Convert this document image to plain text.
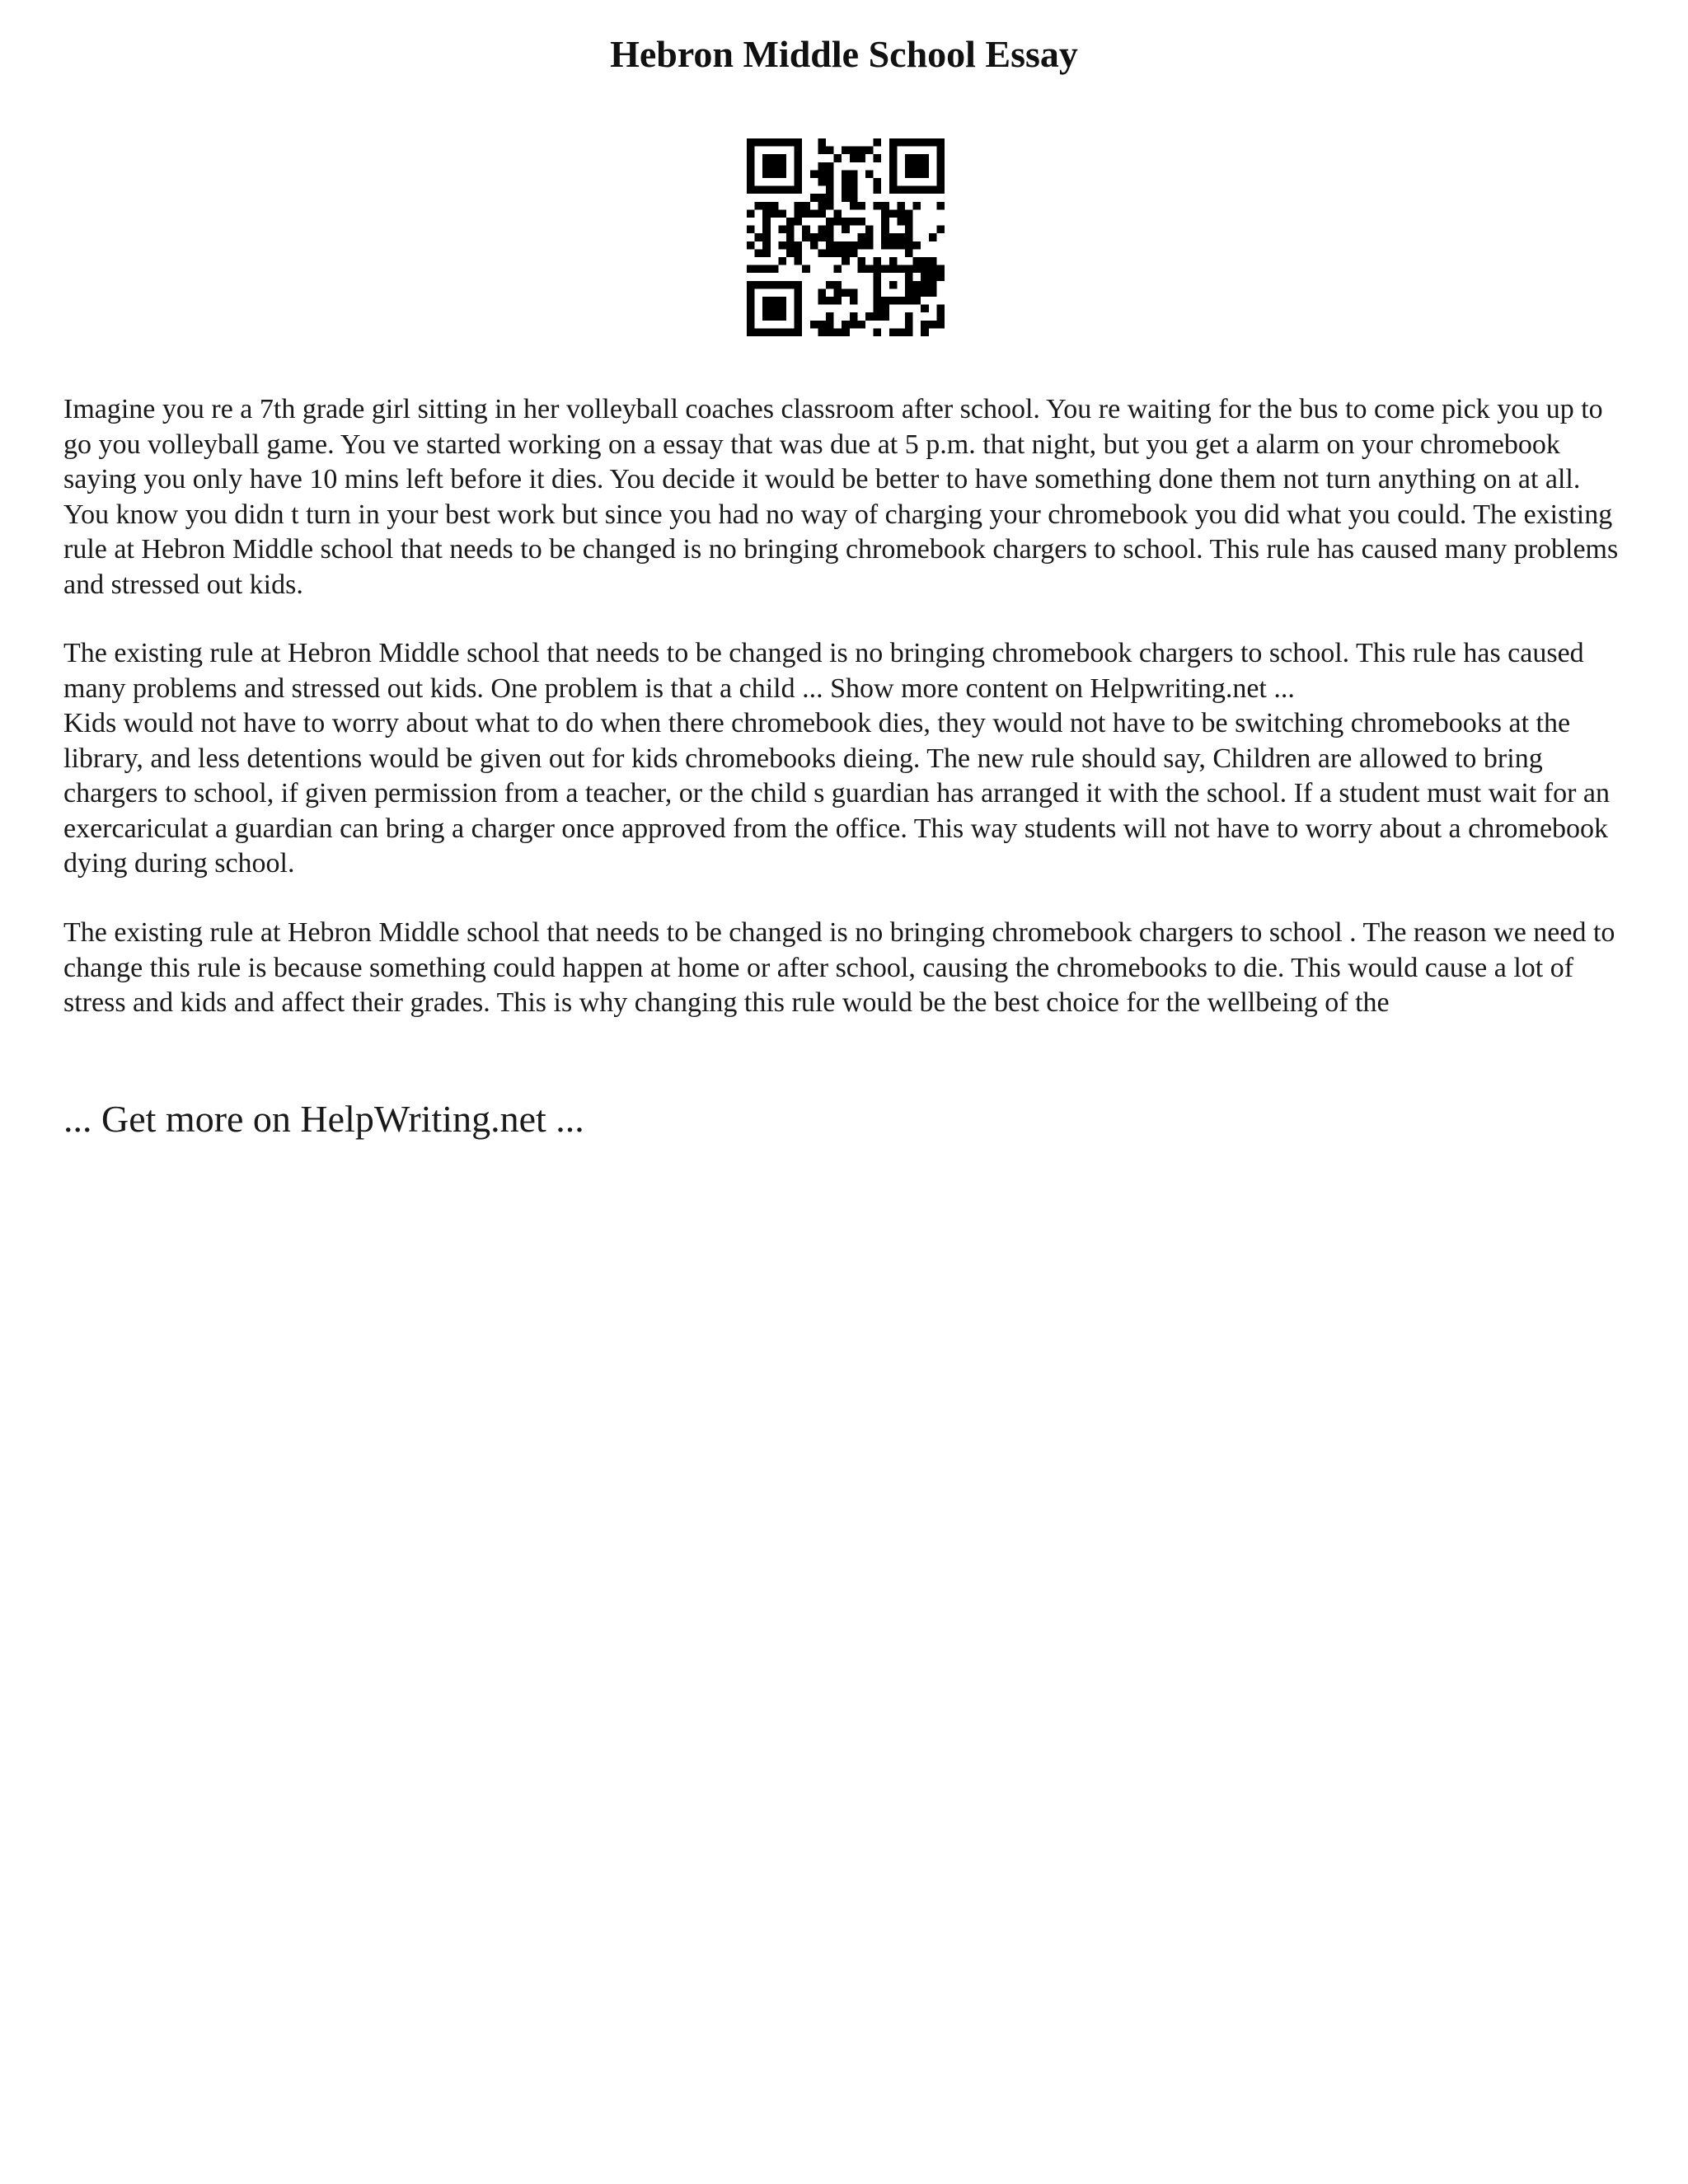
Hebron Middle School Essay

Imagine you re a 7th grade girl sitting in her volleyball coaches classroom after school. You re waiting for the bus to come pick you up to go you volleyball game. You ve started working on a essay that was due at 5 p.m. that night, but you get a alarm on your chromebook saying you only have 10 mins left before it dies. You decide it would be better to have something done them not turn anything on at all. You know you didn t turn in your best work but since you had no way of charging your chromebook you did what you could. The existing rule at Hebron Middle school that needs to be changed is no bringing chromebook chargers to school. This rule has caused many problems and stressed out kids.

The existing rule at Hebron Middle school that needs to be changed is no bringing chromebook chargers to school. This rule has caused many problems and stressed out kids. One problem is that a child ... Show more content on Helpwriting.net ...
Kids would not have to worry about what to do when there chromebook dies, they would not have to be switching chromebooks at the library, and less detentions would be given out for kids chromebooks dieing. The new rule should say, Children are allowed to bring chargers to school, if given permission from a teacher, or the child s guardian has arranged it with the school. If a student must wait for an exercariculat a guardian can bring a charger once approved from the office. This way students will not have to worry about a chromebook dying during school.

The existing rule at Hebron Middle school that needs to be changed is no bringing chromebook chargers to school . The reason we need to change this rule is because something could happen at home or after school, causing the chromebooks to die. This would cause a lot of stress and kids and affect their grades. This is why changing this rule would be the best choice for the wellbeing of the

... Get more on HelpWriting.net ...
